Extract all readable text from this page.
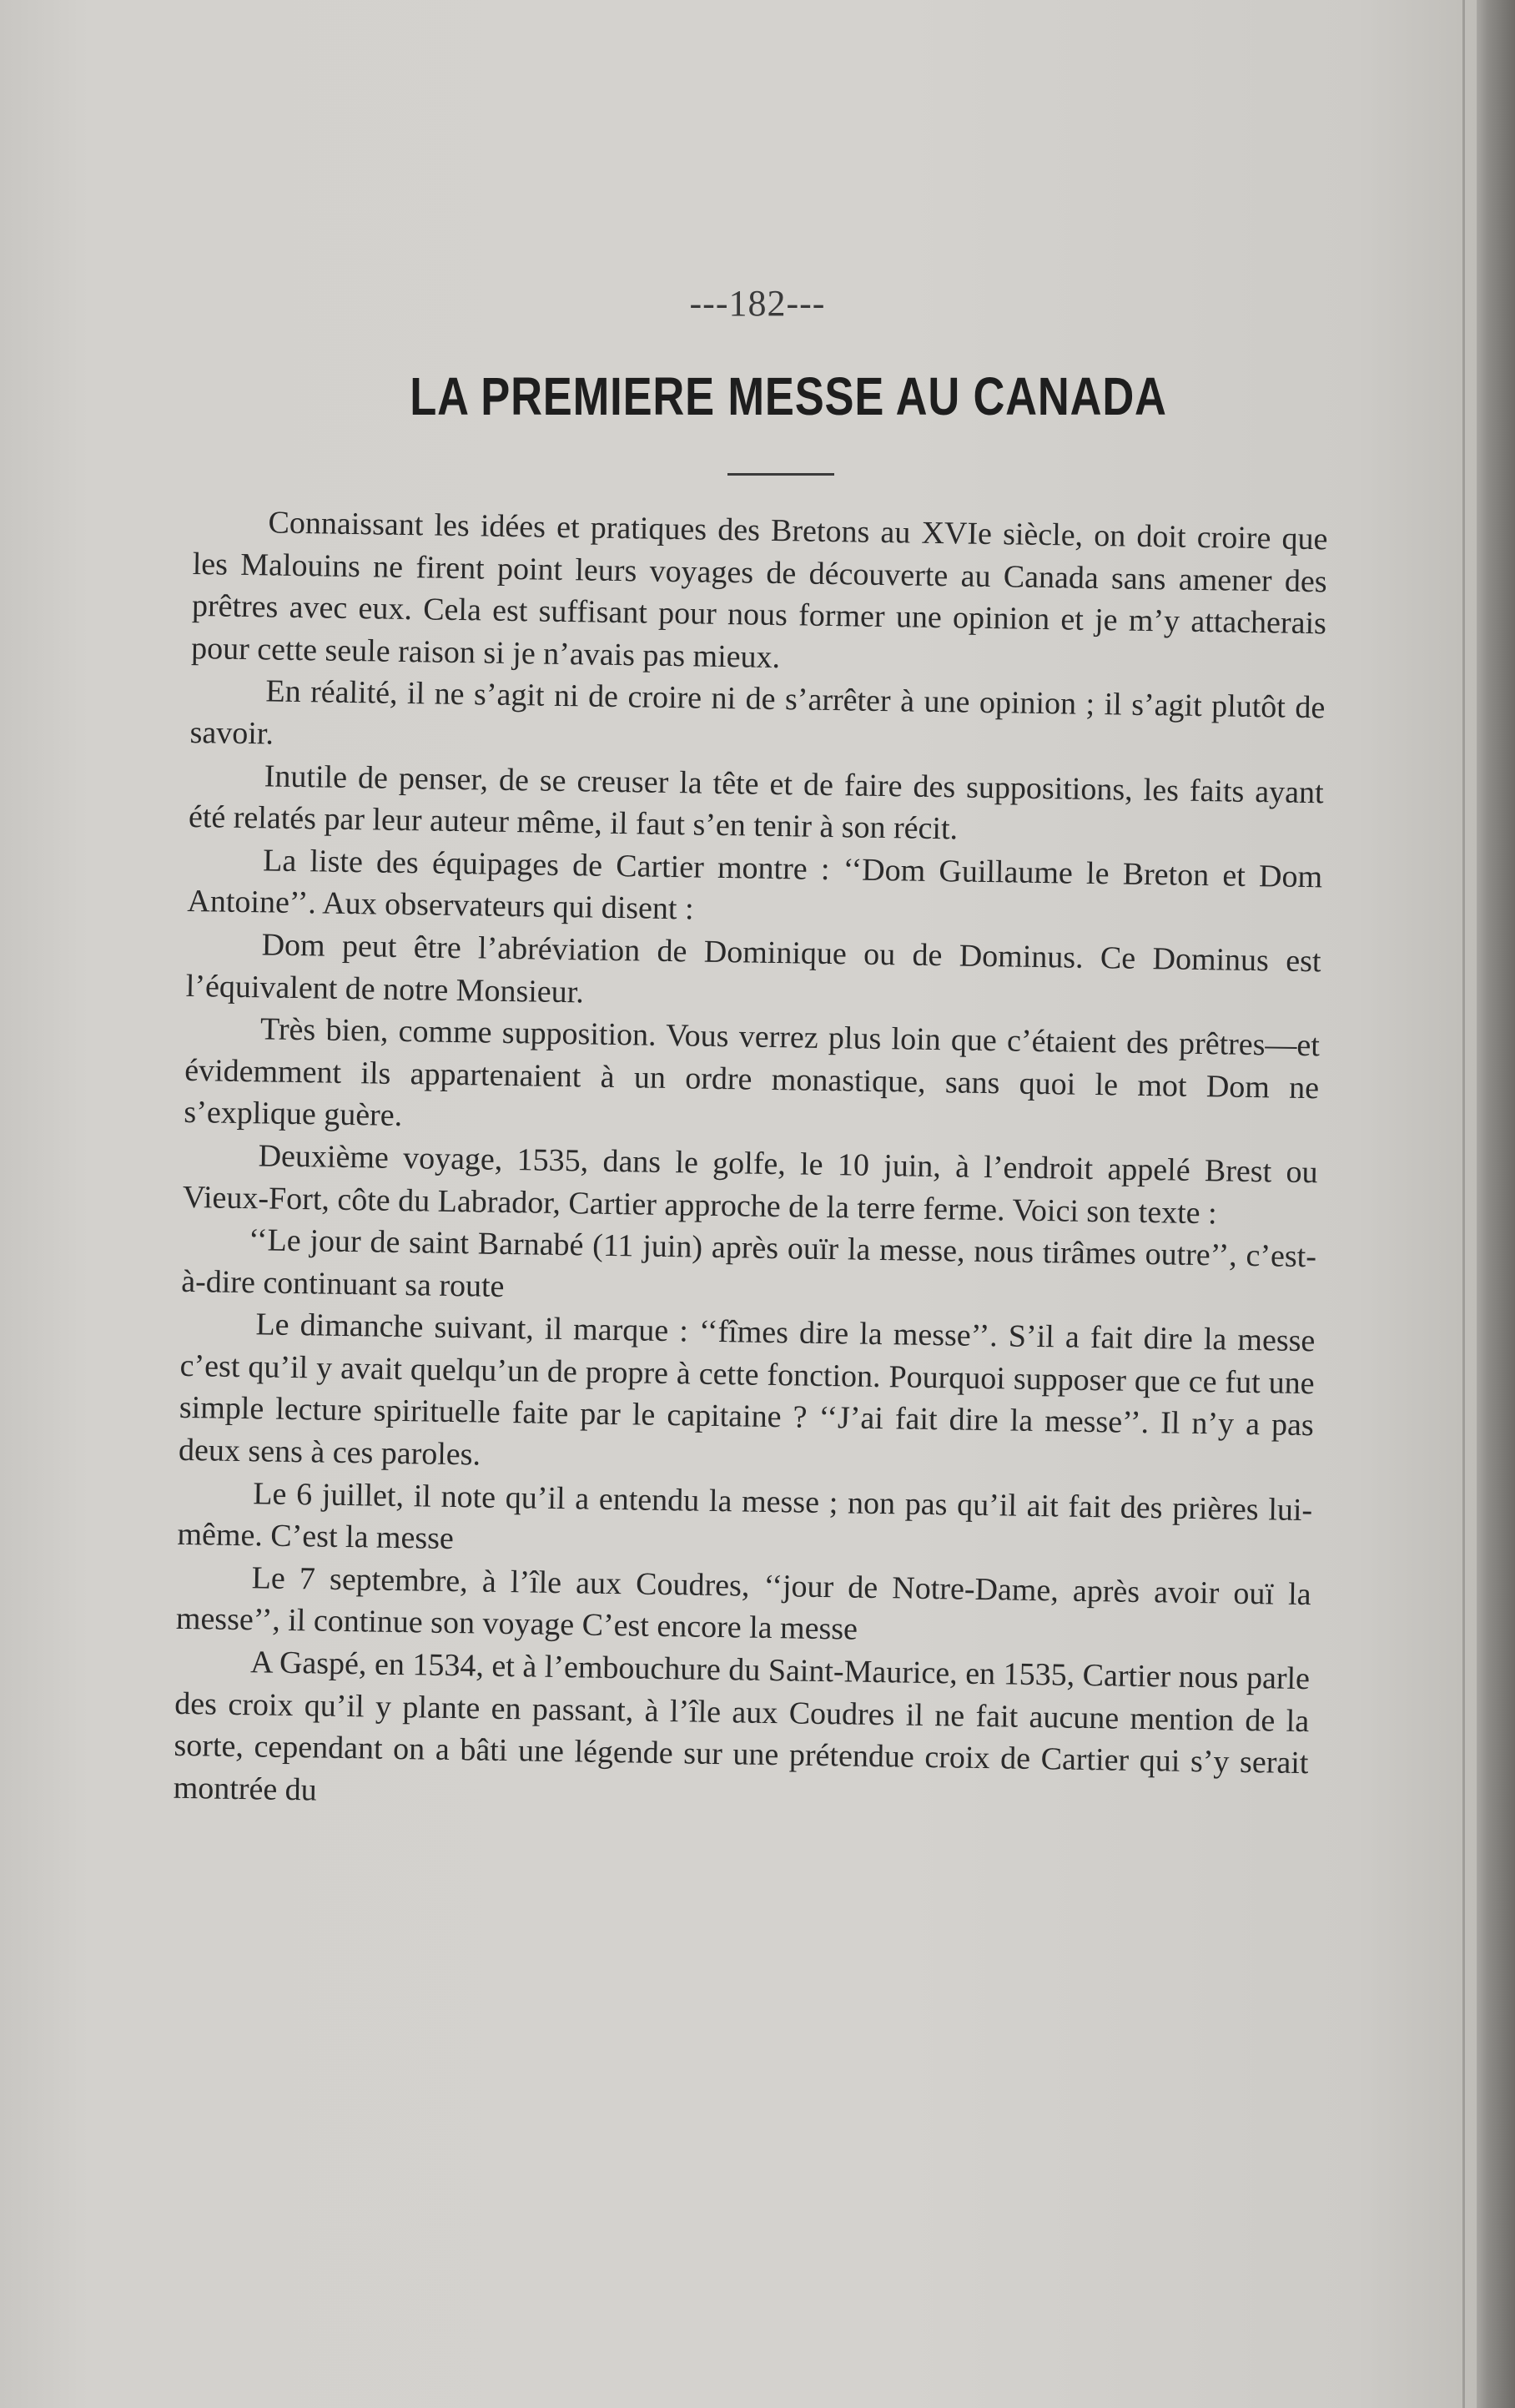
---182---
LA PREMIERE MESSE AU CANADA

Connaissant les idées et pratiques des Bretons au XVIe siècle, on doit croire que les Malouins ne firent point leurs voyages de découverte au Canada sans amener des prêtres avec eux. Cela est suffisant pour nous former une opinion et je m’y attacherais pour cette seule raison si je n’avais pas mieux.

En réalité, il ne s’agit ni de croire ni de s’arrêter à une opinion ; il s’agit plutôt de savoir.

Inutile de penser, de se creuser la tête et de faire des suppositions, les faits ayant été relatés par leur auteur même, il faut s’en tenir à son récit.

La liste des équipages de Cartier montre : ‘‘Dom Guillaume le Breton et Dom Antoine’’. Aux observateurs qui disent :

Dom peut être l’abréviation de Dominique ou de Dominus. Ce Dominus est l’équivalent de notre Monsieur.

Très bien, comme supposition. Vous verrez plus loin que c’étaient des prêtres—et évidemment ils appartenaient à un ordre monastique, sans quoi le mot Dom ne s’explique guère.

Deuxième voyage, 1535, dans le golfe, le 10 juin, à l’endroit appelé Brest ou Vieux-Fort, côte du Labrador, Cartier approche de la terre ferme. Voici son texte :

‘‘Le jour de saint Barnabé (11 juin) après ouïr la messe, nous tirâmes outre’’, c’est-à-dire continuant sa route

Le dimanche suivant, il marque : ‘‘fîmes dire la messe’’. S’il a fait dire la messe c’est qu’il y avait quelqu’un de propre à cette fonction. Pourquoi supposer que ce fut une simple lecture spirituelle faite par le capitaine ? ‘‘J’ai fait dire la messe’’. Il n’y a pas deux sens à ces paroles.

Le 6 juillet, il note qu’il a entendu la messe ; non pas qu’il ait fait des prières lui-même. C’est la messe

Le 7 septembre, à l’île aux Coudres, ‘‘jour de Notre-Dame, après avoir ouï la messe’’, il continue son voyage C’est encore la messe

A Gaspé, en 1534, et à l’embouchure du Saint-Maurice, en 1535, Cartier nous parle des croix qu’il y plante en passant, à l’île aux Coudres il ne fait aucune mention de la sorte, cependant on a bâti une légende sur une prétendue croix de Cartier qui s’y serait montrée du
